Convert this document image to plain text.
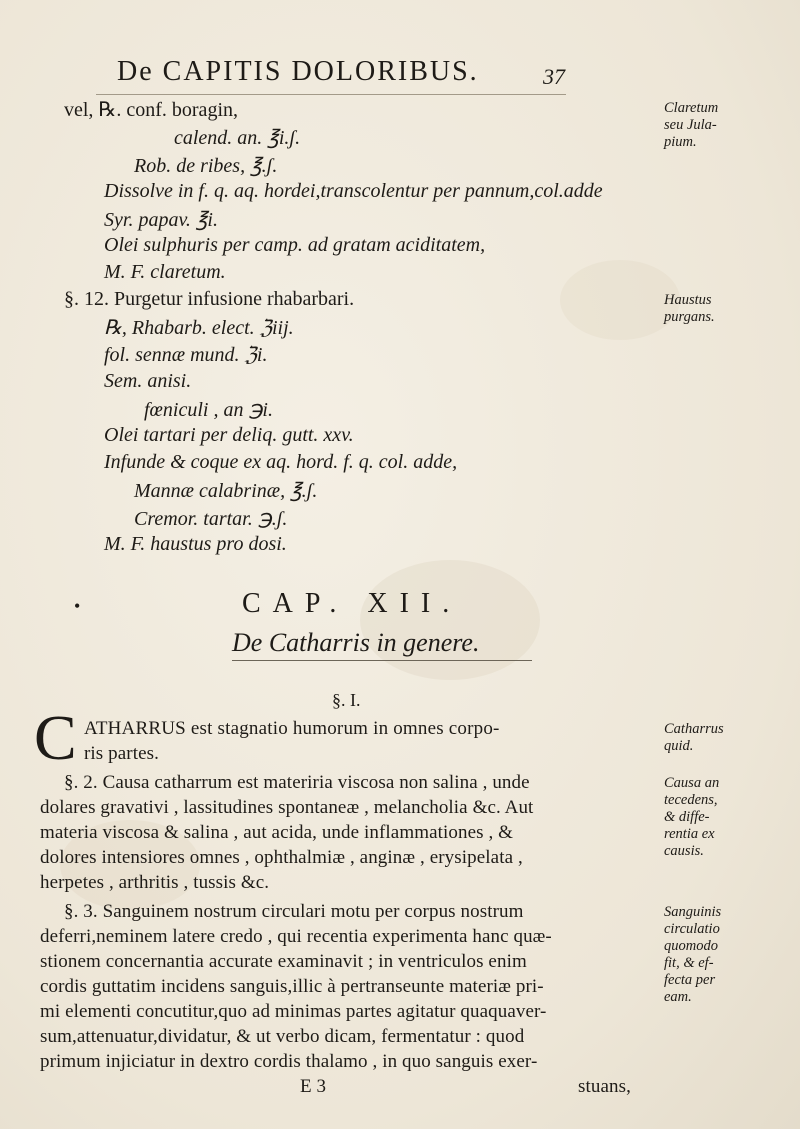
De CAPITIS DOLORIBUS.	37
vel, ℞. conf. boragin,
calend. an. ℥i.ʃ.
Rob. de ribes, ℥.ʃ.
Dissolve in f. q. aq. hordei,transcolentur per pannum,col.adde
Syr. papav. ℥i.
Olei sulphuris per camp. ad gratam aciditatem,
M. F. claretum.
Claretum
seu Jula-
pium.
§. 12. Purgetur infusione rhabarbari.
℞, Rhabarb. elect. ℨiij.
fol. sennæ mund. ℨi.
Sem. anisi.
fœniculi , an ℈i.
Olei tartari per deliq. gutt. xxv.
Infunde & coque ex aq. hord. f. q. col. adde,
Mannæ calabrinæ, ℥.ʃ.
Cremor. tartar. ℈.ʃ.
M. F. haustus pro dosi.
Haustus
purgans.
•	CAP. XII.
De Catharris in genere.
§. I.
C ATHARRUS est stagnatio humorum in omnes corpo-
ris partes.
Catharrus
quid.
§. 2. Causa catharrum est materiria viscosa non salina , unde
dolares gravativi , lassitudines spontaneæ , melancholia &c. Aut
materia viscosa & salina , aut acida, unde inflammationes , &
dolores intensiores omnes , ophthalmiæ , anginæ , erysipelata ,
herpetes , arthritis , tussis &c.
Causa an
tecedens,
& diffe-
rentia ex
causis.
§. 3. Sanguinem nostrum circulari motu per corpus nostrum
deferri,neminem latere credo , qui recentia experimenta hanc quæ-
stionem concernantia accurate examinavit ; in ventriculos enim
cordis guttatim incidens sanguis,illic à pertranseunte materiæ pri-
mi elementi concutitur,quo ad minimas partes agitatur quaquaver-
sum,attenuatur,dividatur, & ut verbo dicam, fermentatur : quod
primum injiciatur in dextro cordis thalamo , in quo sanguis exer-
Sanguinis
circulatio
quomodo
fit, & ef-
fecta per
eam.
E 3	stuans,
